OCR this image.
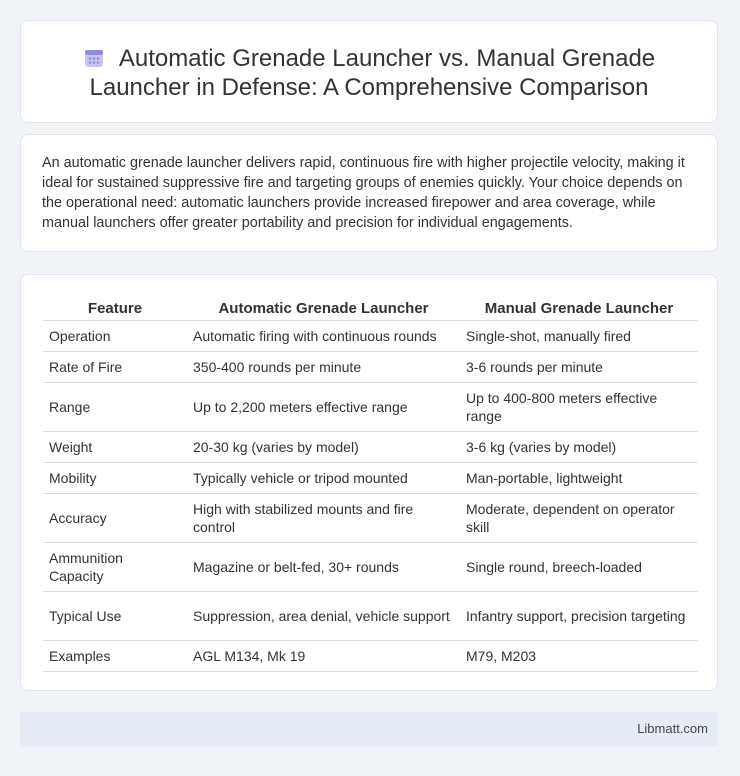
Automatic Grenade Launcher vs. Manual Grenade Launcher in Defense: A Comprehensive Comparison

An automatic grenade launcher delivers rapid, continuous fire with higher projectile velocity, making it ideal for sustained suppressive fire and targeting groups of enemies quickly. Your choice depends on the operational need: automatic launchers provide increased firepower and area coverage, while manual launchers offer greater portability and precision for individual engagements.

Feature	Automatic Grenade Launcher	Manual Grenade Launcher
Operation	Automatic firing with continuous rounds	Single-shot, manually fired
Rate of Fire	350-400 rounds per minute	3-6 rounds per minute
Range	Up to 2,200 meters effective range	Up to 400-800 meters effective range
Weight	20-30 kg (varies by model)	3-6 kg (varies by model)
Mobility	Typically vehicle or tripod mounted	Man-portable, lightweight
Accuracy	High with stabilized mounts and fire control	Moderate, dependent on operator skill
Ammunition Capacity	Magazine or belt-fed, 30+ rounds	Single round, breech-loaded
Typical Use	Suppression, area denial, vehicle support	Infantry support, precision targeting
Examples	AGL M134, Mk 19	M79, M203
Libmatt.com
